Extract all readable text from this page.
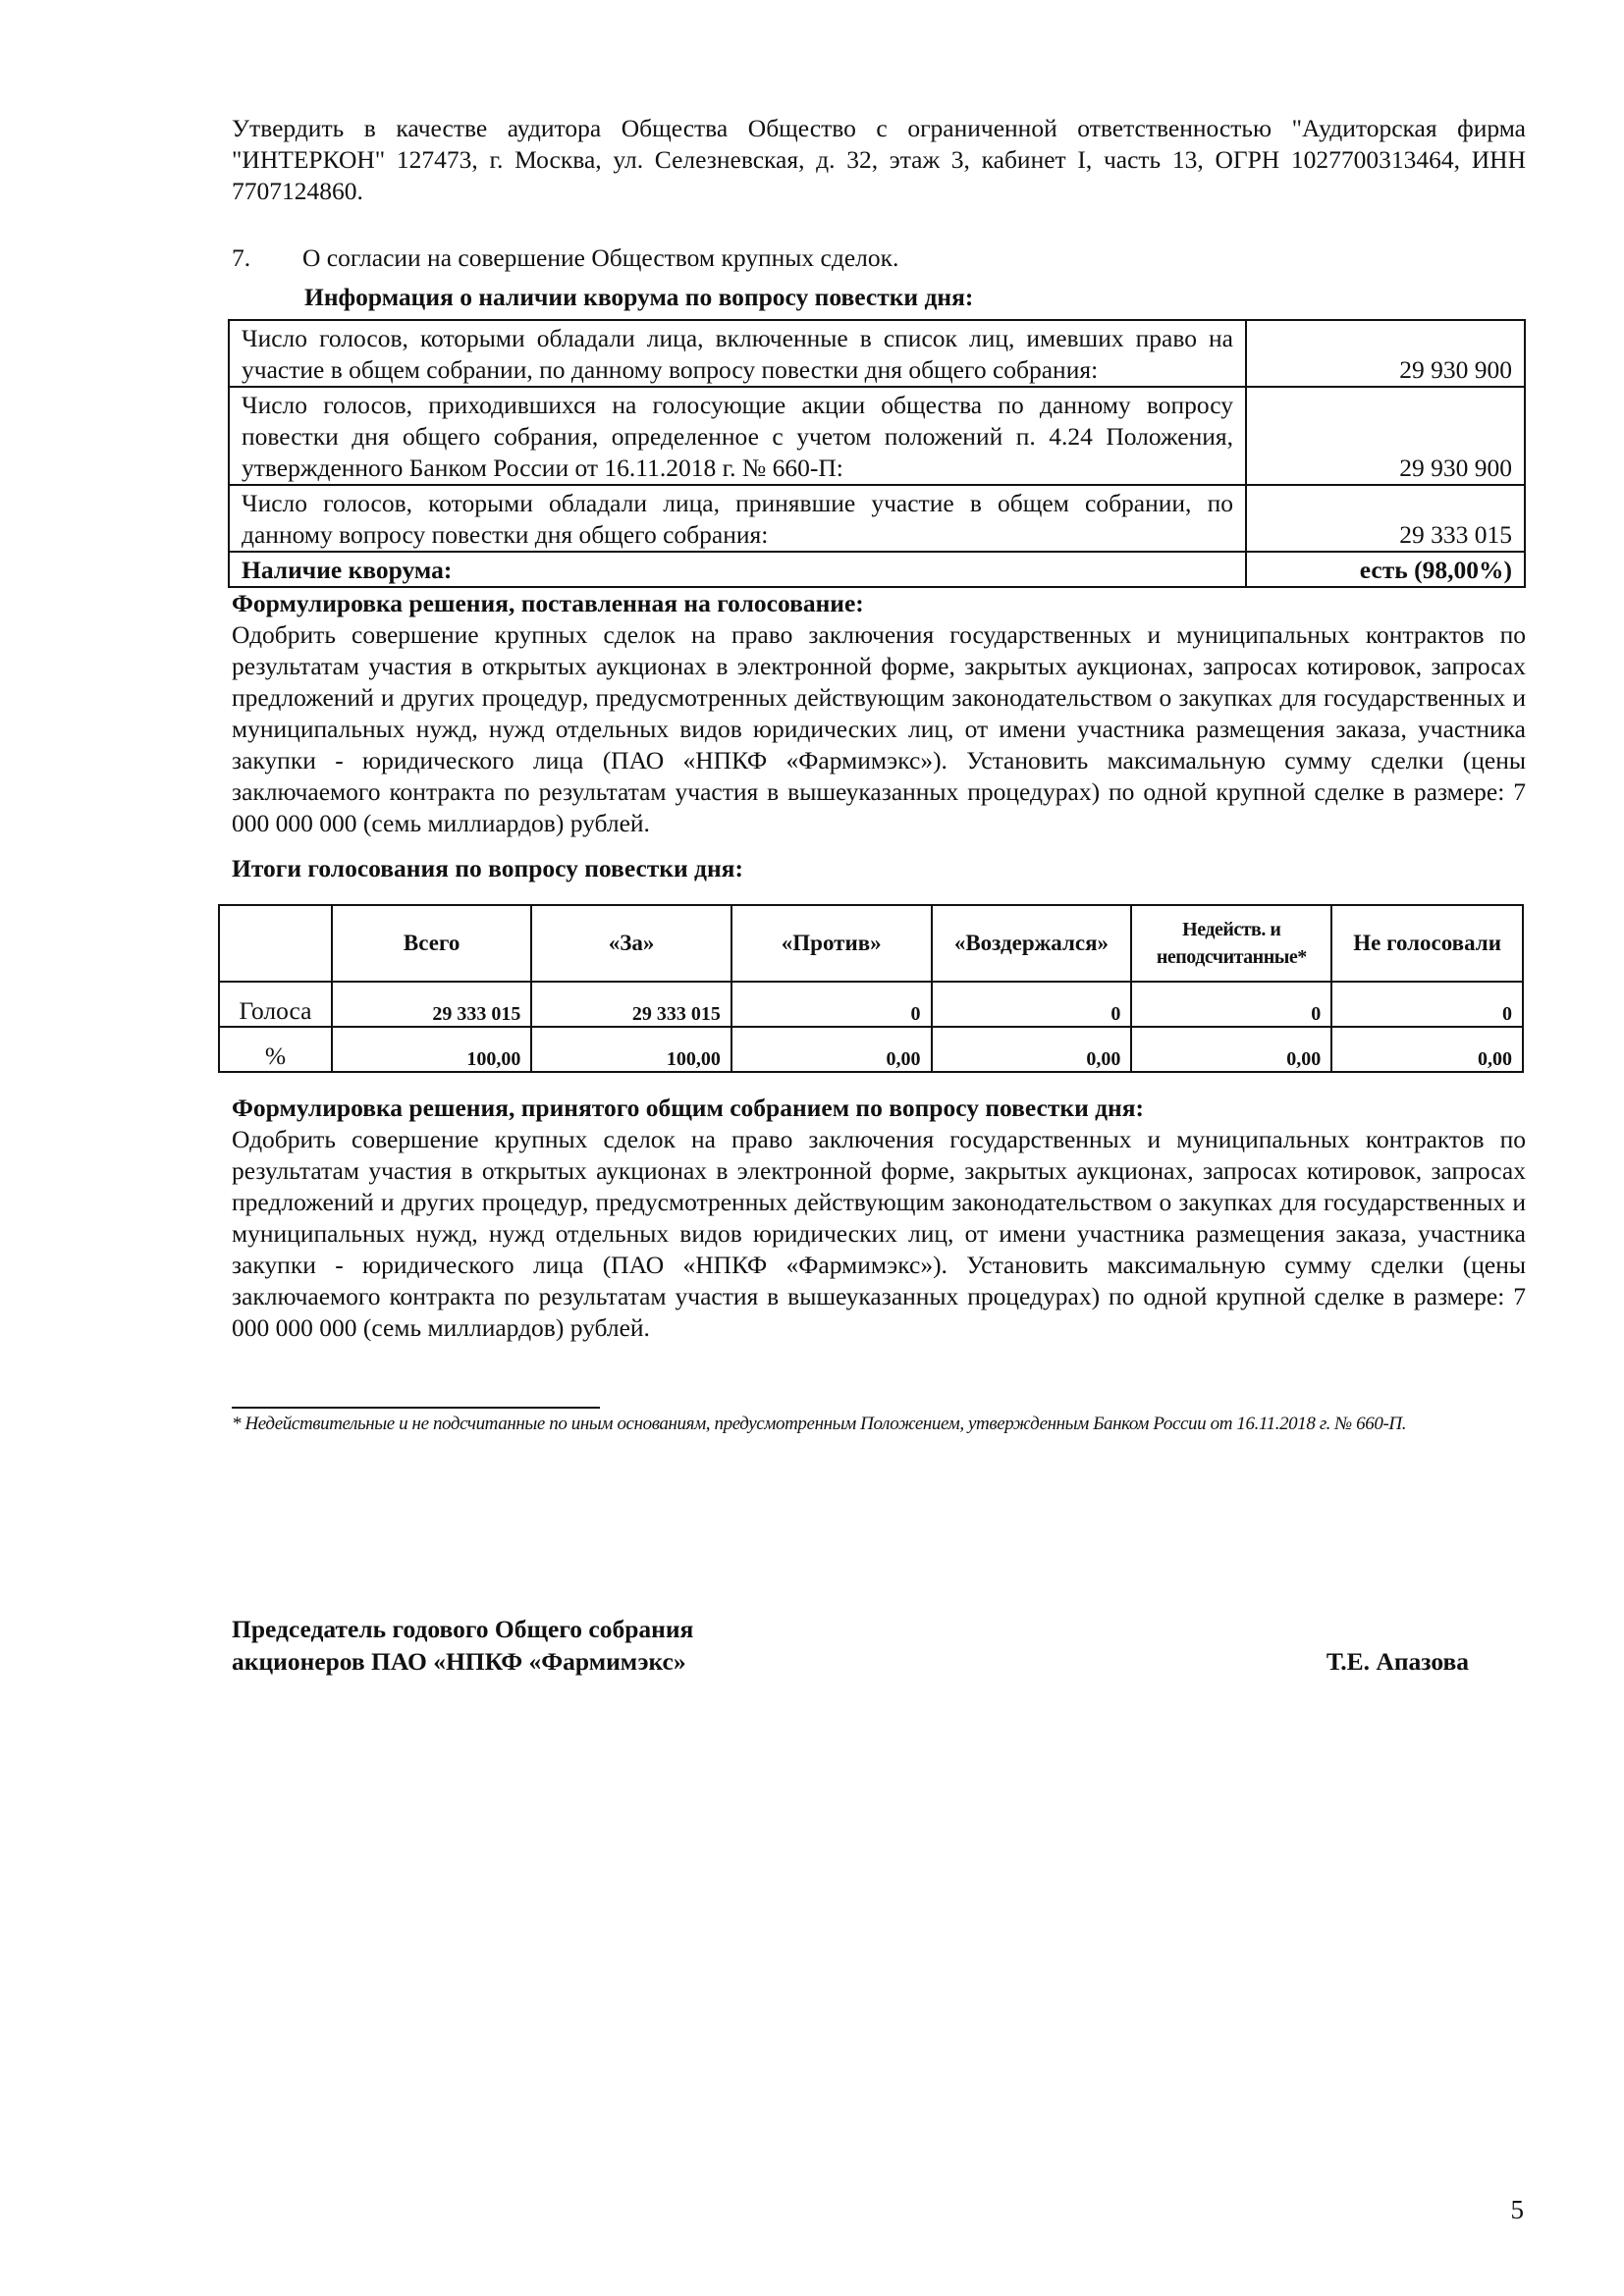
Утвердить в качестве аудитора Общества Общество с ограниченной ответственностью "Аудиторская фирма "ИНТЕРКОН" 127473, г. Москва, ул. Селезневская, д. 32, этаж 3, кабинет I, часть 13, ОГРН 1027700313464, ИНН 7707124860.

7.	О согласии на совершение Обществом крупных сделок.

Информация о наличии кворума по вопросу повестки дня:

Число голосов, которыми обладали лица, включенные в список лиц, имевших право на участие в общем собрании, по данному вопросу повестки дня общего собрания:	29 930 900
Число голосов, приходившихся на голосующие акции общества по данному вопросу повестки дня общего собрания, определенное с учетом положений п. 4.24 Положения, утвержденного Банком России от 16.11.2018 г. № 660-П:	29 930 900
Число голосов, которыми обладали лица, принявшие участие в общем собрании, по данному вопросу повестки дня общего собрания:	29 333 015
Наличие кворума:	есть (98,00%)

Формулировка решения, поставленная на голосование:

Одобрить совершение крупных сделок на право заключения государственных и муниципальных контрактов по результатам участия в открытых аукционах в электронной форме, закрытых аукционах, запросах котировок, запросах предложений и других процедур, предусмотренных действующим законодательством о закупках для государственных и муниципальных нужд, нужд отдельных видов юридических лиц, от имени участника размещения заказа, участника закупки - юридического лица (ПАО «НПКФ «Фармимэкс»). Установить максимальную сумму сделки (цены заключаемого контракта по результатам участия в вышеуказанных процедурах) по одной крупной сделке в размере: 7 000 000 000 (семь миллиардов) рублей.

Итоги голосования по вопросу повестки дня:

	Всего	«За»	«Против»	«Воздержался»	Недейств. и неподсчитанные*	Не голосовали
Голоса	29 333 015	29 333 015	0	0	0	0
%	100,00	100,00	0,00	0,00	0,00	0,00

Формулировка решения, принятого общим собранием по вопросу повестки дня:

Одобрить совершение крупных сделок на право заключения государственных и муниципальных контрактов по результатам участия в открытых аукционах в электронной форме, закрытых аукционах, запросах котировок, запросах предложений и других процедур, предусмотренных действующим законодательством о закупках для государственных и муниципальных нужд, нужд отдельных видов юридических лиц, от имени участника размещения заказа, участника закупки - юридического лица (ПАО «НПКФ «Фармимэкс»). Установить максимальную сумму сделки (цены заключаемого контракта по результатам участия в вышеуказанных процедурах) по одной крупной сделке в размере: 7 000 000 000 (семь миллиардов) рублей.

* Недействительные и не подсчитанные по иным основаниям, предусмотренным Положением, утвержденным Банком России от 16.11.2018 г. № 660-П.

Председатель годового Общего собрания
акционеров ПАО «НПКФ «Фармимэкс»	Т.Е. Апазова
5
